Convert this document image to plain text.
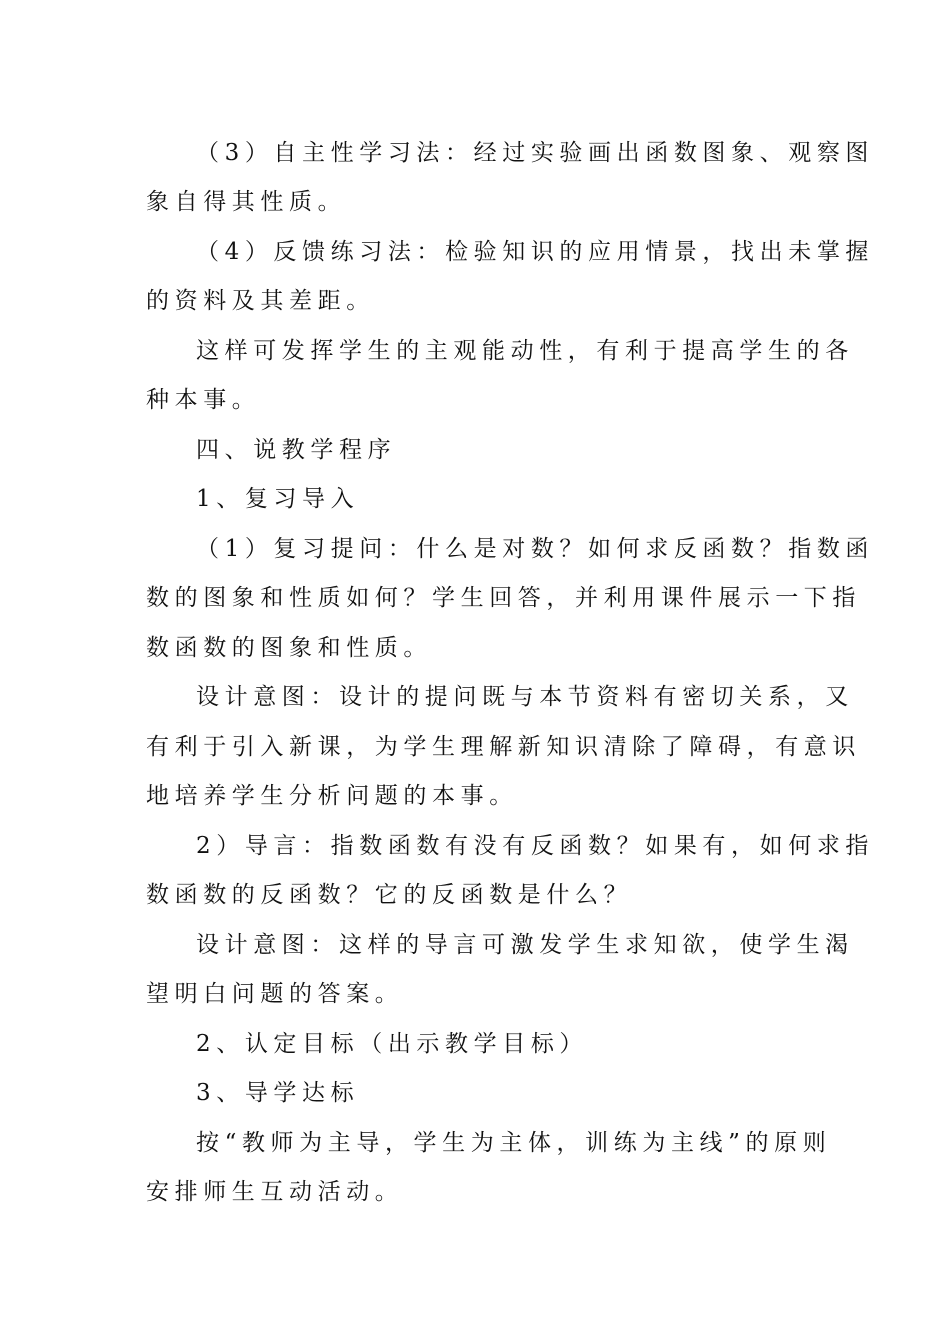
（3）自主性学习法：经过实验画出函数图象、观察图
象自得其性质。
（4）反馈练习法：检验知识的应用情景，找出未掌握
的资料及其差距。
这样可发挥学生的主观能动性，有利于提高学生的各
种本事。
四、说教学程序
1、复习导入
（1）复习提问：什么是对数？如何求反函数？指数函
数的图象和性质如何？学生回答，并利用课件展示一下指
数函数的图象和性质。
设计意图：设计的提问既与本节资料有密切关系，又
有利于引入新课，为学生理解新知识清除了障碍，有意识
地培养学生分析问题的本事。
2）导言：指数函数有没有反函数？如果有，如何求指
数函数的反函数？它的反函数是什么？
设计意图：这样的导言可激发学生求知欲，使学生渴
望明白问题的答案。
2、认定目标（出示教学目标）
3、导学达标
按“教师为主导，学生为主体，训练为主线”的原则
安排师生互动活动。
